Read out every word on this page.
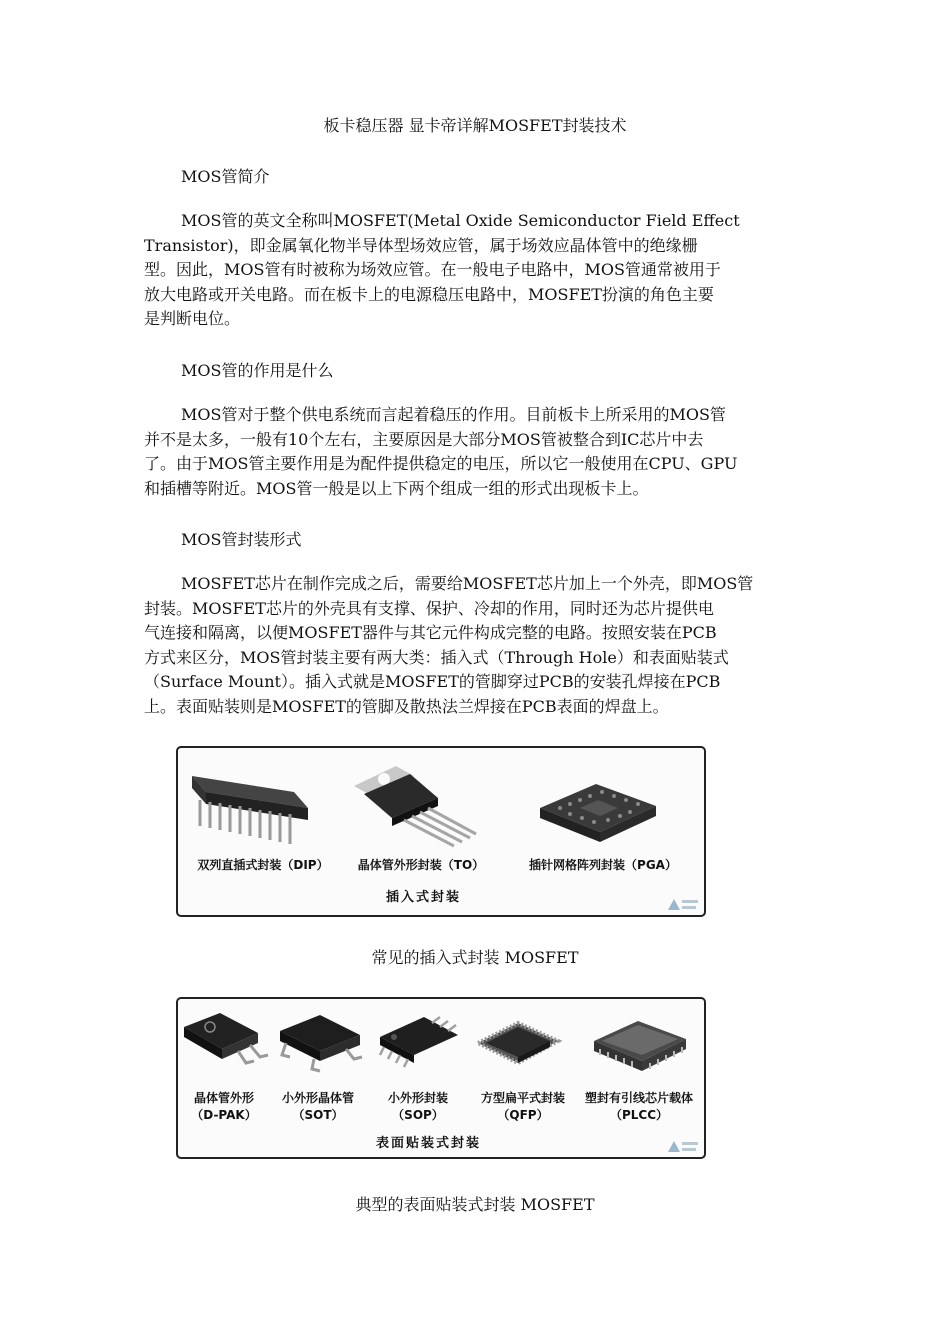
板卡稳压器 显卡帝详解MOSFET封装技术
MOS管简介

MOS管的英文全称叫MOSFET(Metal Oxide Semiconductor Field Effect
Transistor)，即金属氧化物半导体型场效应管，属于场效应晶体管中的绝缘栅
型。因此，MOS管有时被称为场效应管。在一般电子电路中，MOS管通常被用于
放大电路或开关电路。而在板卡上的电源稳压电路中，MOSFET扮演的角色主要
是判断电位。

MOS管的作用是什么

MOS管对于整个供电系统而言起着稳压的作用。目前板卡上所采用的MOS管
并不是太多，一般有10个左右，主要原因是大部分MOS管被整合到IC芯片中去
了。由于MOS管主要作用是为配件提供稳定的电压，所以它一般使用在CPU、GPU
和插槽等附近。MOS管一般是以上下两个组成一组的形式出现板卡上。

MOS管封装形式

MOSFET芯片在制作完成之后，需要给MOSFET芯片加上一个外壳，即MOS管
封装。MOSFET芯片的外壳具有支撑、保护、冷却的作用，同时还为芯片提供电
气连接和隔离，以便MOSFET器件与其它元件构成完整的电路。按照安装在PCB
方式来区分，MOS管封装主要有两大类：插入式（Through Hole）和表面贴装式
（Surface Mount）。插入式就是MOSFET的管脚穿过PCB的安装孔焊接在PCB
上。表面贴装则是MOSFET的管脚及散热法兰焊接在PCB表面的焊盘上。

双列直插式封装（DIP）	晶体管外形封装（TO）	插针网格阵列封装（PGA）
插入式封装
常见的插入式封装 MOSFET
晶体管外形
（D-PAK）
小外形晶体管
（SOT）
小外形封装
（SOP）
方型扁平式封装
（QFP）
塑封有引线芯片载体
（PLCC）
表面贴装式封装
典型的表面贴装式封装 MOSFET
